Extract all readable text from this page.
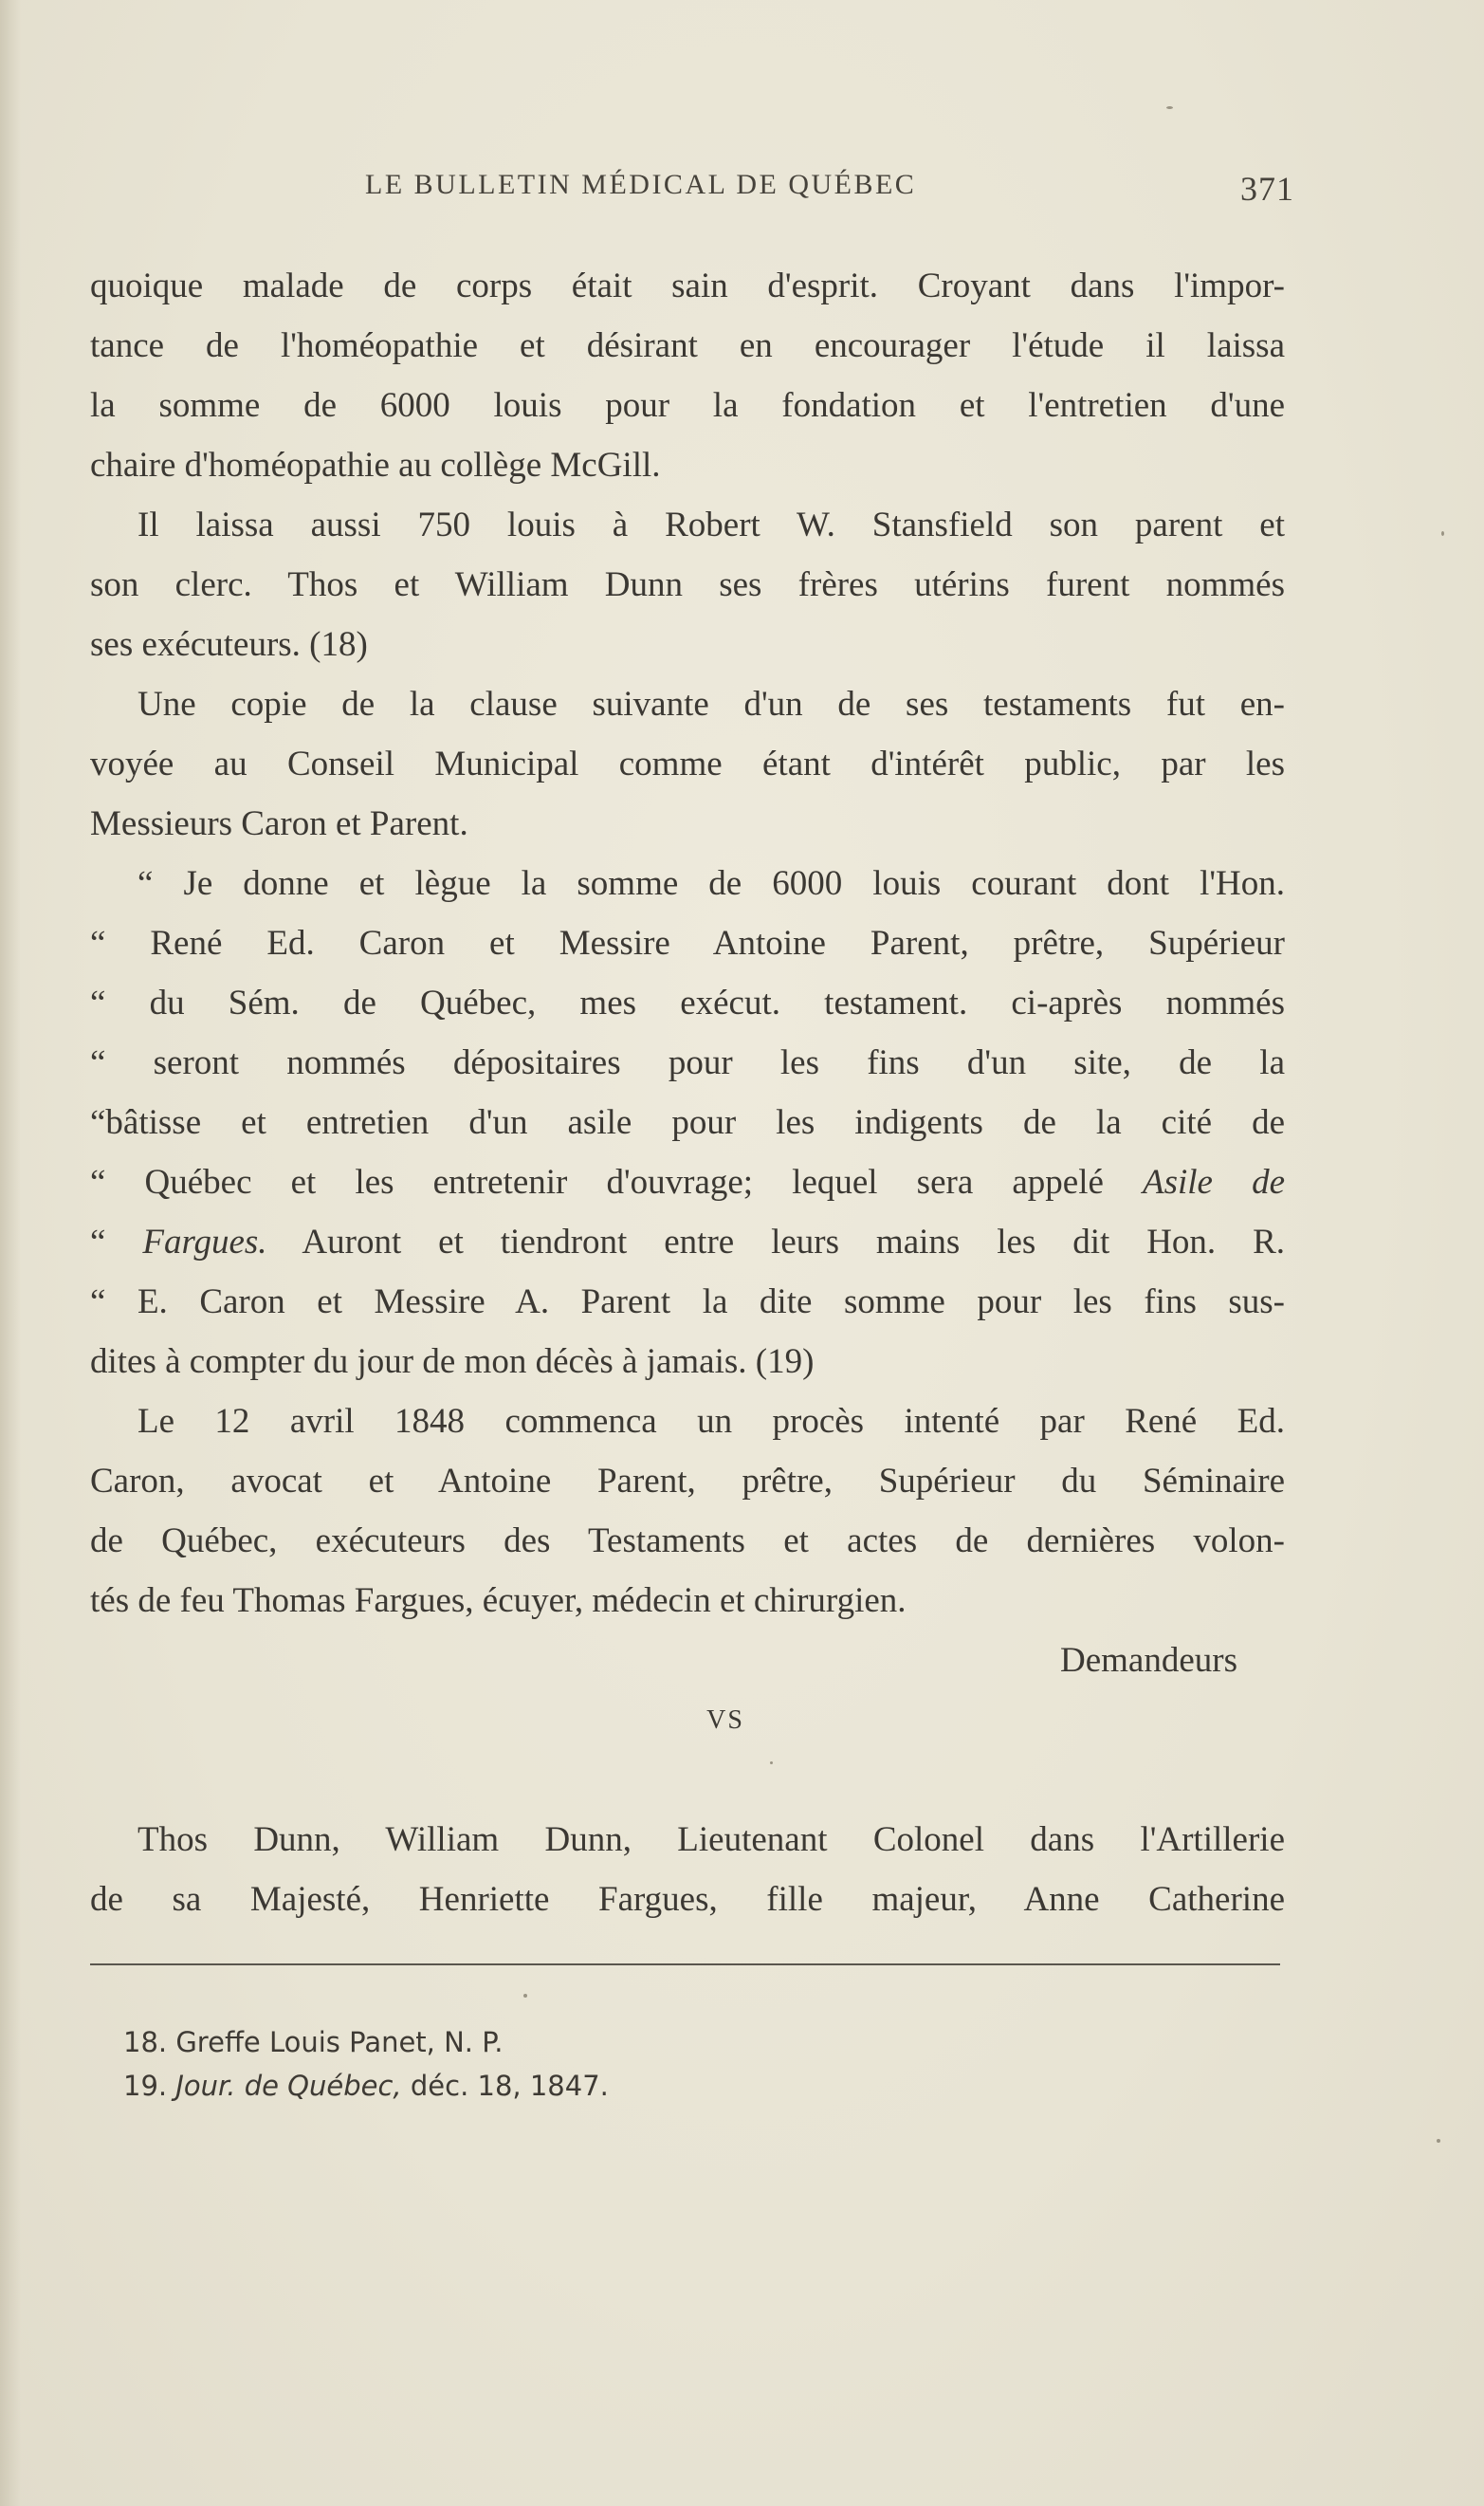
LE BULLETIN MÉDICAL DE QUÉBEC	371
quoique malade de corps était sain d'esprit. Croyant dans l'impor-
tance de l'homéopathie et désirant en encourager l'étude il laissa
la somme de 6000 louis pour la fondation et l'entretien d'une
chaire d'homéopathie au collège McGill.
Il laissa aussi 750 louis à Robert W. Stansfield son parent et
son clerc. Thos et William Dunn ses frères utérins furent nommés
ses exécuteurs. (18)
Une copie de la clause suivante d'un de ses testaments fut en-
voyée au Conseil Municipal comme étant d'intérêt public, par les
Messieurs Caron et Parent.
“ Je donne et lègue la somme de 6000 louis courant dont l'Hon.
“ René Ed. Caron et Messire Antoine Parent, prêtre, Supérieur
“ du Sém. de Québec, mes exécut. testament. ci-après nommés
“ seront nommés dépositaires pour les fins d'un site, de la
“bâtisse et entretien d'un asile pour les indigents de la cité de
“ Québec et les entretenir d'ouvrage; lequel sera appelé Asile de
“ Fargues. Auront et tiendront entre leurs mains les dit Hon. R.
“ E. Caron et Messire A. Parent la dite somme pour les fins sus-
dites à compter du jour de mon décès à jamais. (19)
Le 12 avril 1848 commenca un procès intenté par René Ed.
Caron, avocat et Antoine Parent, prêtre, Supérieur du Séminaire
de Québec, exécuteurs des Testaments et actes de dernières volon-
tés de feu Thomas Fargues, écuyer, médecin et chirurgien.
Demandeurs
VS
Thos Dunn, William Dunn, Lieutenant Colonel dans l'Artillerie
de sa Majesté, Henriette Fargues, fille majeur, Anne Catherine
18. Greffe Louis Panet, N. P.
19. Jour. de Québec, déc. 18, 1847.
